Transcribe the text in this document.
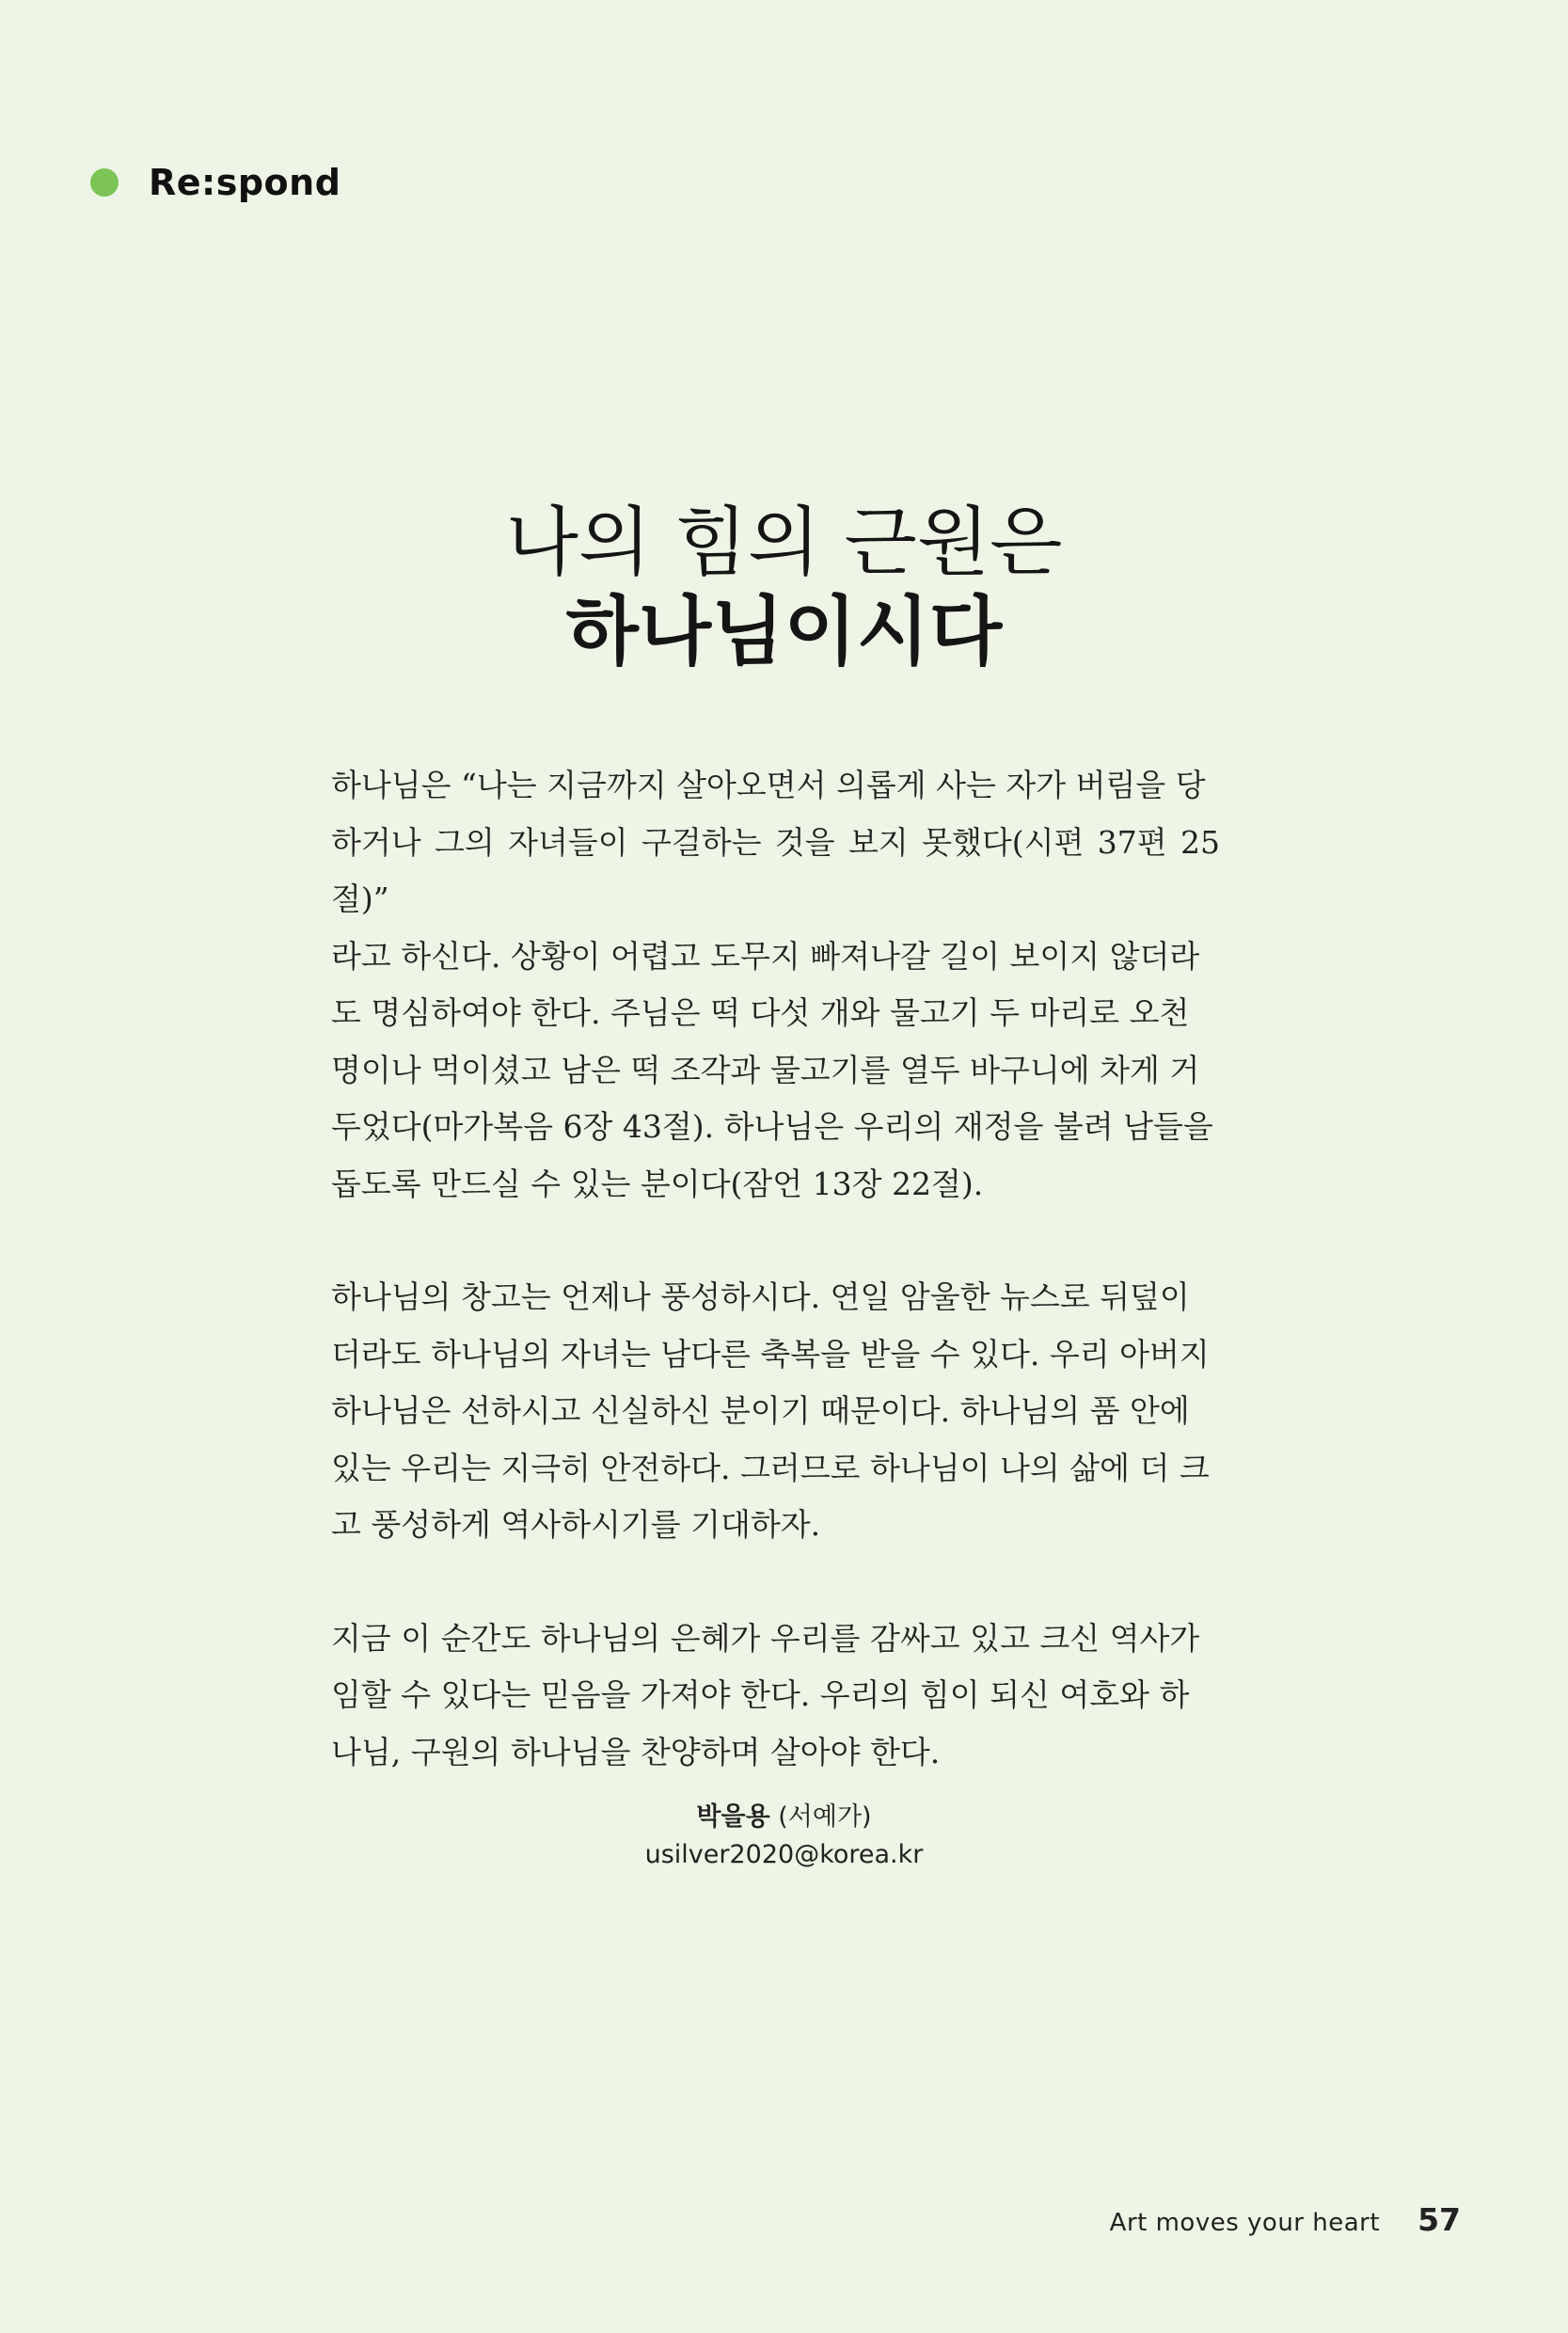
Re:spond
나의 힘의 근원은
하나님이시다

하나님은 “나는 지금까지 살아오면서 의롭게 사는 자가 버림을 당
하거나 그의 자녀들이 구걸하는 것을 보지 못했다(시편 37편 25절)”
라고 하신다. 상황이 어렵고 도무지 빠져나갈 길이 보이지 않더라
도 명심하여야 한다. 주님은 떡 다섯 개와 물고기 두 마리로 오천
명이나 먹이셨고 남은 떡 조각과 물고기를 열두 바구니에 차게 거
두었다(마가복음 6장 43절). 하나님은 우리의 재정을 불려 남들을
돕도록 만드실 수 있는 분이다(잠언 13장 22절).

하나님의 창고는 언제나 풍성하시다. 연일 암울한 뉴스로 뒤덮이
더라도 하나님의 자녀는 남다른 축복을 받을 수 있다. 우리 아버지
하나님은 선하시고 신실하신 분이기 때문이다. 하나님의 품 안에
있는 우리는 지극히 안전하다. 그러므로 하나님이 나의 삶에 더 크
고 풍성하게 역사하시기를 기대하자.

지금 이 순간도 하나님의 은혜가 우리를 감싸고 있고 크신 역사가
임할 수 있다는 믿음을 가져야 한다. 우리의 힘이 되신 여호와 하
나님, 구원의 하나님을 찬양하며 살아야 한다.

박을용 (서예가)
usilver2020@korea.kr
Art moves your heart 57
